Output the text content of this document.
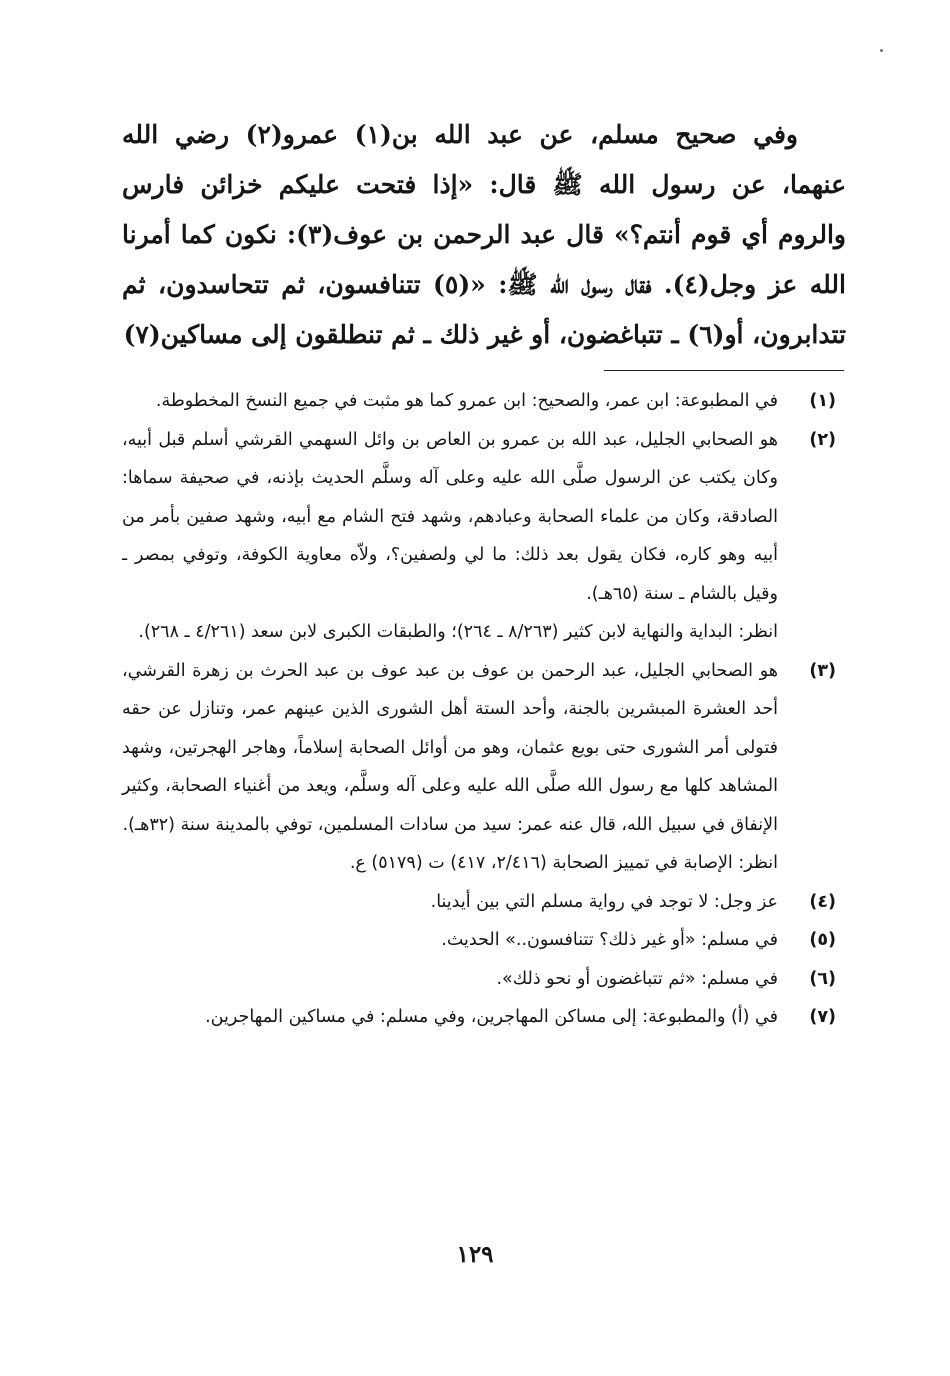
وفي صحيح مسلم، عن عبد الله بن(١) عمرو(٢) رضي الله عنهما، عن رسول الله ﷺ قال: «إذا فتحت عليكم خزائن فارس والروم أي قوم أنتم؟» قال عبد الرحمن بن عوف(٣): نكون كما أمرنا الله عز وجل(٤). فقال رسول الله ﷺ: «(٥) تتنافسون، ثم تتحاسدون، ثم تتدابرون، أو(٦) ـ تتباغضون، أو غير ذلك ـ ثم تنطلقون إلى مساكين(٧)

(١)

في المطبوعة: ابن عمر، والصحيح: ابن عمرو كما هو مثبت في جميع النسخ المخطوطة.

(٢)

هو الصحابي الجليل، عبد الله بن عمرو بن العاص بن وائل السهمي القرشي أسلم قبل أبيه، وكان يكتب عن الرسول صلَّى الله عليه وعلى آله وسلَّم الحديث بإذنه، في صحيفة سماها: الصادقة، وكان من علماء الصحابة وعبادهم، وشهد فتح الشام مع أبيه، وشهد صفين بأمر من أبيه وهو كاره، فكان يقول بعد ذلك: ما لي ولصفين؟، ولاّه معاوية الكوفة، وتوفي بمصر ـ وقيل بالشام ـ سنة (٦٥هـ).

انظر: البداية والنهاية لابن كثير (٨/٢٦٣ ـ ٢٦٤)؛ والطبقات الكبرى لابن سعد (٤/٢٦١ ـ ٢٦٨).

(٣)

هو الصحابي الجليل، عبد الرحمن بن عوف بن عبد عوف بن عبد الحرث بن زهرة القرشي، أحد العشرة المبشرين بالجنة، وأحد الستة أهل الشورى الذين عينهم عمر، وتنازل عن حقه فتولى أمر الشورى حتى بويع عثمان، وهو من أوائل الصحابة إسلاماً، وهاجر الهجرتين، وشهد المشاهد كلها مع رسول الله صلَّى الله عليه وعلى آله وسلَّم، ويعد من أغنياء الصحابة، وكثير الإنفاق في سبيل الله، قال عنه عمر: سيد من سادات المسلمين، توفي بالمدينة سنة (٣٢هـ).

انظر: الإصابة في تمييز الصحابة (٢/٤١٦، ٤١٧) ت (٥١٧٩) ع.

(٤)

عز وجل: لا توجد في رواية مسلم التي بين أيدينا.

(٥)

في مسلم: «أو غير ذلك؟ تتنافسون..» الحديث.

(٦)

في مسلم: «ثم تتباغضون أو نحو ذلك».

(٧)

في (أ) والمطبوعة: إلى مساكن المهاجرين، وفي مسلم: في مساكين المهاجرين.

١٢٩
